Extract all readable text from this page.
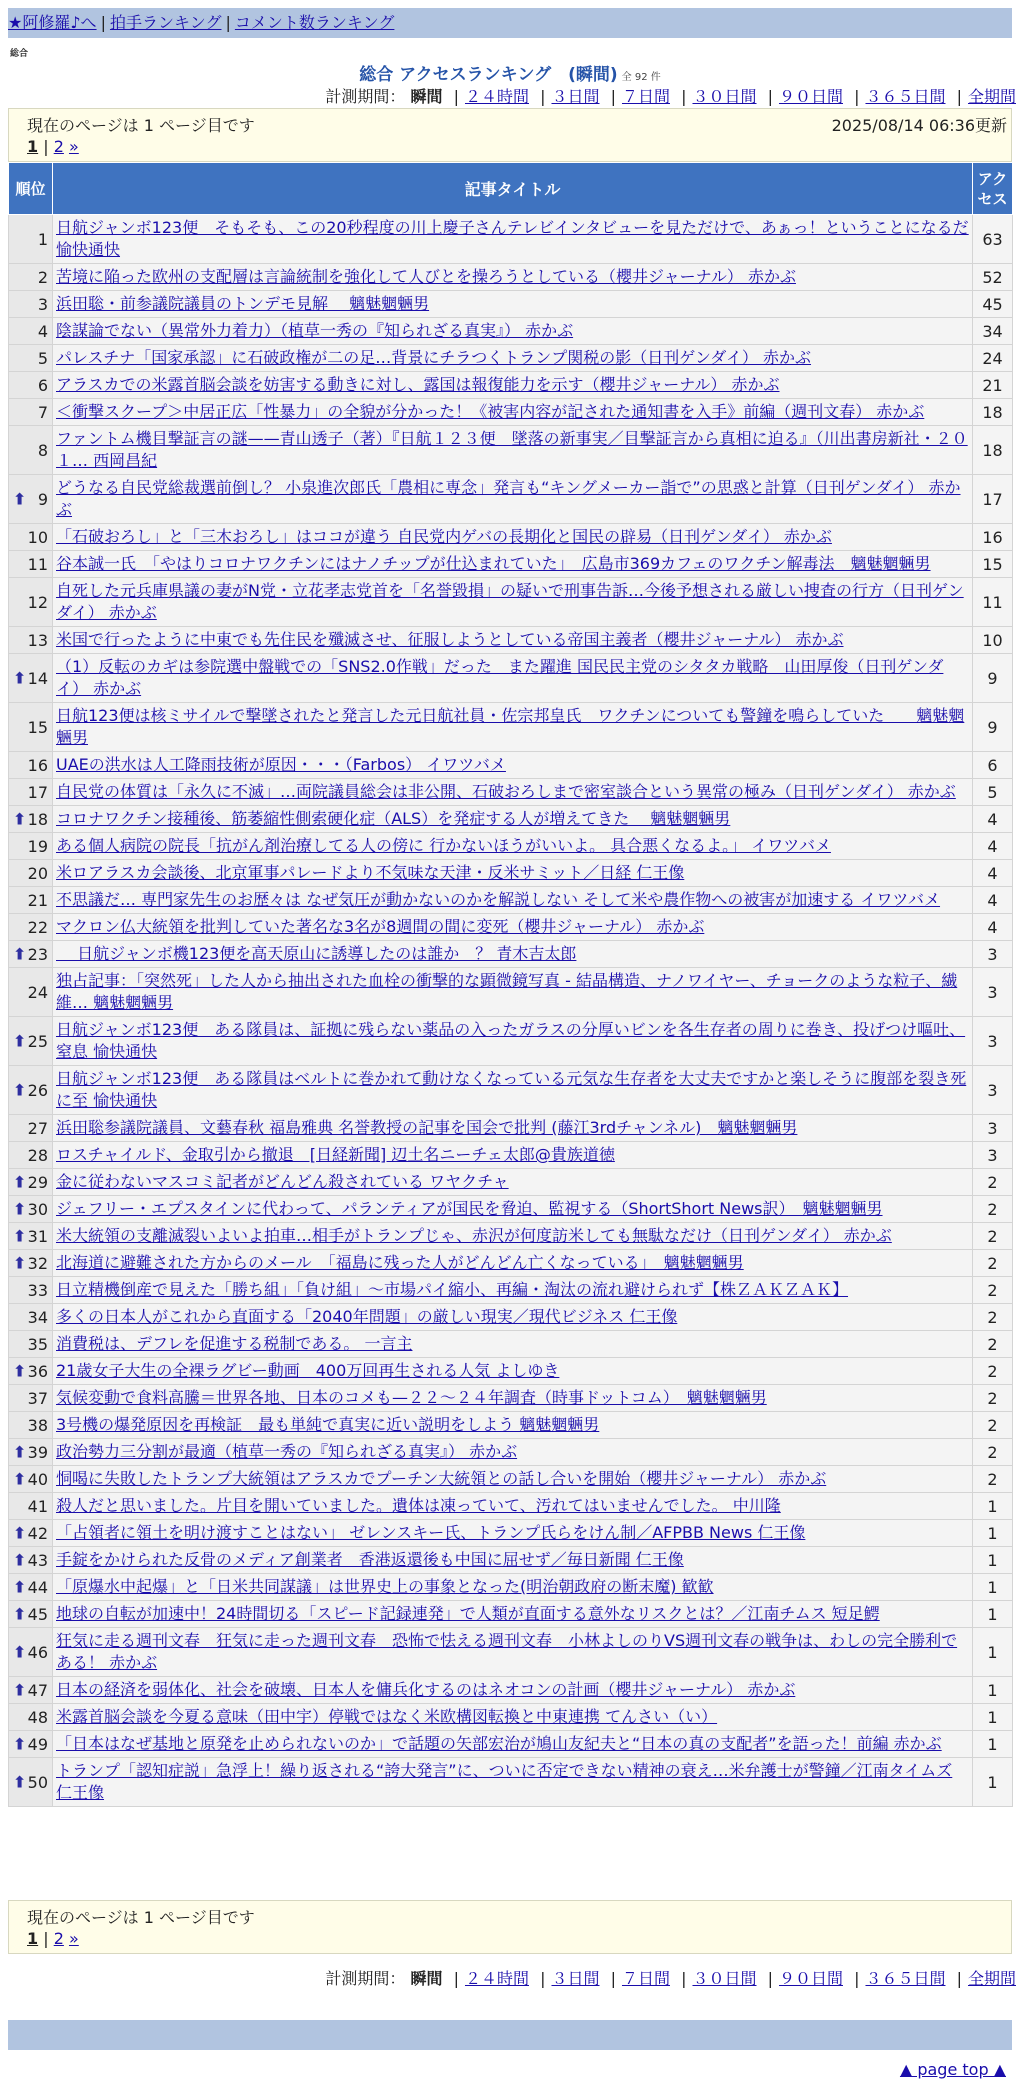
★阿修羅♪へ | 拍手ランキング | コメント数ランキング
総合
総合 アクセスランキング　(瞬間) 全 92 件
計測期間： 瞬間 | ２４時間 | ３日間 | ７日間 | ３０日間 | ９０日間 | ３６５日間 | 全期間
現在のページは 1 ページ目です	2025/08/14 06:36更新
1 | 2 »
順位	記事タイトル	アクセス
1	日航ジャンボ123便　そもそも、この20秒程度の川上慶子さんテレビインタビューを見ただけで、あぁっ！ということになるだ 愉快通快	63
2	苦境に陥った欧州の支配層は言論統制を強化して人びとを操ろうとしている（櫻井ジャーナル） 赤かぶ	52
3	浜田聡・前参議院議員のトンデモ見解　 魑魅魍魎男	45
4	陰謀論でない（異常外力着力）（植草一秀の『知られざる真実』） 赤かぶ	34
5	パレスチナ「国家承認」に石破政権が二の足…背景にチラつくトランプ関税の影（日刊ゲンダイ） 赤かぶ	24
6	アラスカでの米露首脳会談を妨害する動きに対し、露国は報復能力を示す（櫻井ジャーナル） 赤かぶ	21
7	＜衝撃スクープ＞中居正広「性暴力」の全貌が分かった！《被害内容が記された通知書を入手》前編（週刊文春） 赤かぶ	18
8	ファントム機目撃証言の謎——青山透子（著）『日航１２３便　墜落の新事実／目撃証言から真相に迫る』（川出書房新社・２０１… 西岡昌紀	18

⬆ 9	どうなる自民党総裁選前倒し？ 小泉進次郎氏「農相に専念」発言も“キングメーカー詣で”の思惑と計算（日刊ゲンダイ） 赤かぶ	17
10	「石破おろし」と「三木おろし」はココが違う 自民党内ゲバの長期化と国民の辟易（日刊ゲンダイ） 赤かぶ	16
11	谷本誠一氏　「やはりコロナワクチンにはナノチップが仕込まれていた」　広島市369カフェのワクチン解毒法　魑魅魍魎男	15
12	自死した元兵庫県議の妻がN党・立花孝志党首を「名誉毀損」の疑いで刑事告訴…今後予想される厳しい捜査の行方（日刊ゲンダイ） 赤かぶ	11
13	米国で行ったように中東でも先住民を殲滅させ、征服しようとしている帝国主義者（櫻井ジャーナル） 赤かぶ	10

⬆ 14	（1）反転のカギは参院選中盤戦での「SNS2.0作戦」だった　また躍進 国民民主党のシタタカ戦略　山田厚俊（日刊ゲンダイ） 赤かぶ	9
15	日航123便は核ミサイルで撃墜されたと発言した元日航社員・佐宗邦皇氏　ワクチンについても警鐘を鳴らしていた　　魑魅魍魎男	9
16	UAEの洪水は人工降雨技術が原因・・・（Farbos） イワツバメ	6
17	自民党の体質は「永久に不滅」…両院議員総会は非公開、石破おろしまで密室談合という異常の極み（日刊ゲンダイ） 赤かぶ	5

⬆ 18	コロナワクチン接種後、筋萎縮性側索硬化症（ALS）を発症する人が増えてきた　 魑魅魍魎男	4
19	ある個人病院の院長「抗がん剤治療してる人の傍に 行かないほうがいいよ。 具合悪くなるよ。」 イワツバメ	4
20	米ロアラスカ会談後、北京軍事パレードより不気味な天津・反米サミット／日経 仁王像	4
21	不思議だ… 専門家先生のお歴々は なぜ気圧が動かないのかを解説しない そして米や農作物への被害が加速する イワツバメ	4
22	マクロン仏大統領を批判していた著名な3名が8週間の間に変死（櫻井ジャーナル） 赤かぶ	4

⬆ 23	　 日航ジャンボ機123便を高天原山に誘導したのは誰か　？ 青木吉太郎	3
24	独占記事：「突然死」した人から抽出された血栓の衝撃的な顕微鏡写真 - 結晶構造、ナノワイヤー、チョークのような粒子、繊維… 魑魅魍魎男	3

⬆ 25	日航ジャンボ123便　ある隊員は、証拠に残らない薬品の入ったガラスの分厚いビンを各生存者の周りに巻き、投げつけ嘔吐、窒息 愉快通快	3

⬆ 26	日航ジャンボ123便　ある隊員はベルトに巻かれて動けなくなっている元気な生存者を大丈夫ですかと楽しそうに腹部を裂き死に至 愉快通快	3
27	浜田聡参議院議員、文藝春秋 福島雅典 名誉教授の記事を国会で批判 (藤江3rdチャンネル)　魑魅魍魎男	3
28	ロスチャイルド、金取引から撤退　[日経新聞] 辺土名ニーチェ太郎@貴族道徳	3

⬆ 29	金に従わないマスコミ記者がどんどん殺されている ワヤクチャ	2

⬆ 30	ジェフリー・エプスタインに代わって、パランティアが国民を脅迫、監視する（ShortShort News訳）　魑魅魍魎男	2

⬆ 31	米大統領の支離滅裂いよいよ拍車…相手がトランプじゃ、赤沢が何度訪米しても無駄なだけ（日刊ゲンダイ） 赤かぶ	2

⬆ 32	北海道に避難された方からのメール　「福島に残った人がどんどん亡くなっている」　魑魅魍魎男	2
33	日立精機倒産で見えた「勝ち組」「負け組」～市場パイ縮小、再編・淘汰の流れ避けられず【株ＺＡＫＺＡＫ】	2
34	多くの日本人がこれから直面する「2040年問題」の厳しい現実／現代ビジネス 仁王像	2
35	消費税は、デフレを促進する税制である。 一言主	2

⬆ 36	21歳女子大生の全裸ラグビー動画　400万回再生される人気 よしゆき	2
37	気候変動で食料高騰＝世界各地、日本のコメも—２２～２４年調査（時事ドットコム）　魑魅魍魎男	2
38	3号機の爆発原因を再検証　最も単純で真実に近い説明をしよう 魑魅魍魎男	2

⬆ 39	政治勢力三分割が最適（植草一秀の『知られざる真実』） 赤かぶ	2

⬆ 40	恫喝に失敗したトランプ大統領はアラスカでプーチン大統領との話し合いを開始（櫻井ジャーナル） 赤かぶ	2
41	殺人だと思いました。片目を開いていました。遺体は凍っていて、汚れてはいませんでした。 中川隆	1

⬆ 42	「占領者に領土を明け渡すことはない」 ゼレンスキー氏、トランプ氏らをけん制／AFPBB News 仁王像	1

⬆ 43	手錠をかけられた反骨のメディア創業者　香港返還後も中国に屈せず／毎日新聞 仁王像	1

⬆ 44	「原爆水中起爆」と「日米共同謀議」は世界史上の事象となった(明治朝政府の断末魔) 歓歓	1

⬆ 45	地球の自転が加速中！24時間切る「スピード記録連発」で人類が直面する意外なリスクとは？／江南チムス 短足鰐	1

⬆ 46	狂気に走る週刊文春　狂気に走った週刊文春　恐怖で怯える週刊文春　小林よしのりVS週刊文春の戦争は、わしの完全勝利である！ 赤かぶ	1

⬆ 47	日本の経済を弱体化、社会を破壊、日本人を傭兵化するのはネオコンの計画（櫻井ジャーナル） 赤かぶ	1
48	米露首脳会談を今夏る意味（田中宇）停戦ではなく米欧構図転換と中東連携 てんさい（い）	1

⬆ 49	「日本はなぜ基地と原発を止められないのか」で話題の矢部宏治が鳩山友紀夫と“日本の真の支配者”を語った！前編 赤かぶ	1

⬆ 50	トランプ「認知症説」急浮上！繰り返される“誇大発言”に、ついに否定できない精神の衰え…米弁護士が警鐘／江南タイムズ 仁王像	1
現在のページは 1 ページ目です
1 | 2 »
計測期間： 瞬間 | ２４時間 | ３日間 | ７日間 | ３０日間 | ９０日間 | ３６５日間 | 全期間
▲ page top ▲
